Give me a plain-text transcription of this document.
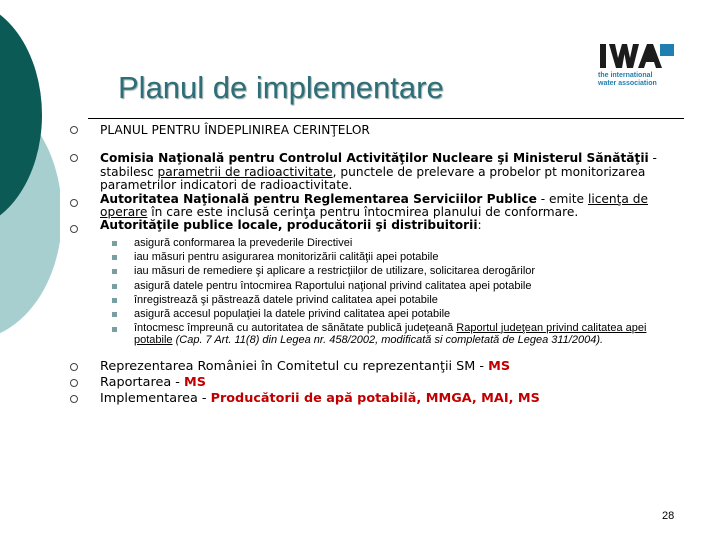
Planul de implementare	the international
water association
PLANUL PENTRU ÎNDEPLINIREA CERINŢELOR
Comisia Naţională pentru Controlul Activităţilor Nucleare şi Ministerul Sănătăţii - stabilesc parametrii de radioactivitate, punctele de prelevare a probelor pt monitorizarea parametrilor indicatori de radioactivitate.
Autoritatea Naţională pentru Reglementarea Serviciilor Publice - emite licenţa de operare în care este inclusă cerinţa pentru întocmirea planului de conformare.
Autorităţile publice locale, producătorii şi distribuitorii:
asigură conformarea la prevederile Directivei
iau măsuri pentru asigurarea monitorizării calităţii apei potabile
iau măsuri de remediere şi aplicare a restricţiilor de utilizare, solicitarea derogărilor
asigură datele pentru întocmirea Raportului naţional privind calitatea apei potabile
înregistrează şi păstrează datele privind calitatea apei potabile
asigură accesul populaţiei la datele privind calitatea apei potabile
întocmesc împreună cu autoritatea de sănătate publică judeţeană Raportul judeţean privind calitatea apei potabile (Cap. 7 Art. 11(8) din Legea nr. 458/2002, modificată si completată de Legea 311/2004).
Reprezentarea României în Comitetul cu reprezentanţii SM - MS
Raportarea - MS
Implementarea - Producătorii de apă potabilă, MMGA, MAI, MS
28
